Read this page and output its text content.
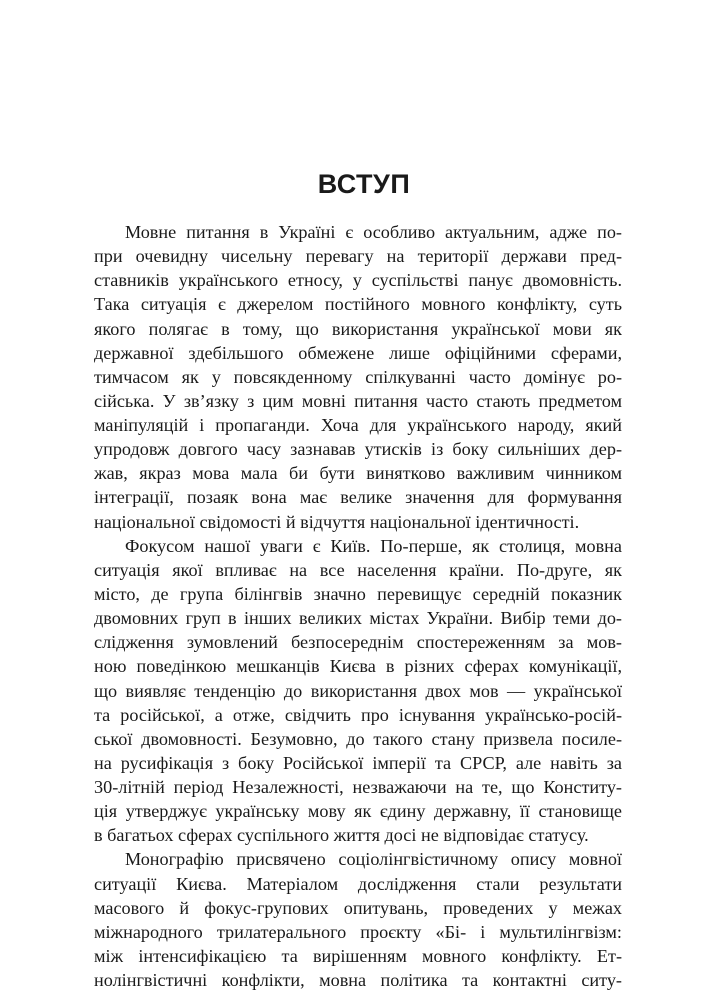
ВСТУП

Мовне питання в Україні є особливо актуальним, адже по-

при очевидну чисельну перевагу на території держави пред-

ставників українського етносу, у суспільстві панує двомовність.

Така ситуація є джерелом постійного мовного конфлікту, суть

якого полягає в тому, що використання української мови як

державної здебільшого обмежене лише офіційними сферами,

тимчасом як у повсякденному спілкуванні часто домінує ро-

сійська. У зв’язку з цим мовні питання часто стають предметом

маніпуляцій і пропаганди. Хоча для українського народу, який

упродовж довгого часу зазнавав утисків із боку сильніших дер-

жав, якраз мова мала би бути винятково важливим чинником

інтеграції, позаяк вона має велике значення для формування

національної свідомості й відчуття національної ідентичності.

Фокусом нашої уваги є Київ. По-перше, як столиця, мовна

ситуація якої впливає на все населення країни. По-друге, як

місто, де група білінгвів значно перевищує середній показник

двомовних груп в інших великих містах України. Вибір теми до-

слідження зумовлений безпосереднім спостереженням за мов-

ною поведінкою мешканців Києва в різних сферах комунікації,

що виявляє тенденцію до використання двох мов — української

та російської, а отже, свідчить про існування українсько-росій-

ської двомовності. Безумовно, до такого стану призвела посиле-

на русифікація з боку Російської імперії та СРСР, але навіть за

30-літній період Незалежності, незважаючи на те, що Конститу-

ція утверджує українську мову як єдину державну, її становище

в багатьох сферах суспільного життя досі не відповідає статусу.

Монографію присвячено соціолінгвістичному опису мовної

ситуації Києва. Матеріалом дослідження стали результати

масового й фокус-групових опитувань, проведених у межах

міжнародного трилатерального проєкту «Бі- і мультилінгвізм:

між інтенсифікацією та вирішенням мовного конфлікту. Ет-

нолінгвістичні конфлікти, мовна політика та контактні ситу-
